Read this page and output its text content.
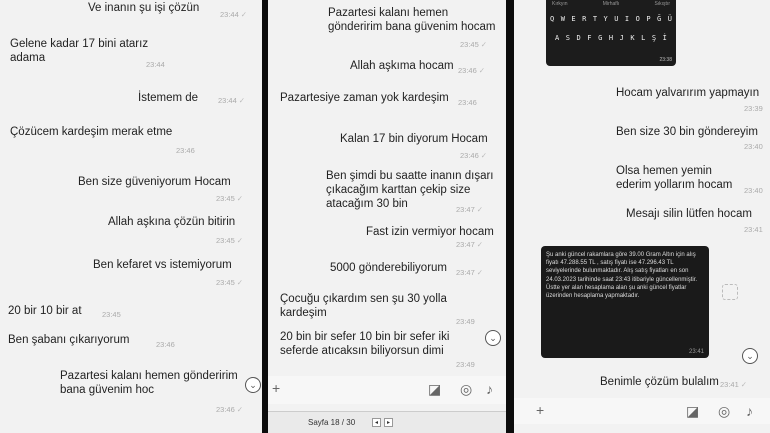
Ve inanın şu işi çözün
23:44 ✓
Gelene kadar 17 bini atarız adama
23:44
İstemem de	23:44 ✓
Çözücem kardeşim merak etme
23:46
Ben size güveniyorum Hocam
23:45 ✓
Allah aşkına çözün bitirin
23:45 ✓
Ben kefaret vs istemiyorum
23:45 ✓
20 bir 10 bir at	23:45
Ben şabanı çıkarıyorum	23:46
Pazartesi kalanı hemen gönderirim bana güvenim hoc
23:46 ✓
⌄
Pazartesi kalanı hemen gönderirim bana güvenim hocam
23:45 ✓
Allah aşkıma hocam 23:46 ✓
Pazartesiye zaman yok kardeşim 23:46
Kalan 17 bin diyorum Hocam
23:46 ✓
Ben şimdi bu saatte inanın dışarı çıkacağım karttan çekip size atacağım 30 bin	23:47 ✓
Fast izin vermiyor hocam
23:47 ✓
5000 gönderebiliyorum 23:47 ✓
Çocuğu çıkardım sen şu 30 yolla kardeşim
23:49
20 bin bir sefer 10 bin bir sefer iki seferde atıcaksın biliyorsun dimi
23:49
⌄
+	◪ ◎ ♪
Sayfa 18 / 30	◂	▸
Kırkyın	Mirhaflı	Sıkıştır
Q W E R T Y U I O P Ğ Ü
A S D F G H J K L Ş İ
23:38
Hocam yalvarırım yapmayın
23:39
Ben size 30 bin göndereyim
23:40
Olsa hemen yemin ederim yollarım hocam	23:40
Mesajı silin lütfen hocam
23:41

Şu anki güncel rakamlara göre 39.00 Gram Altın için alış fiyatı 47.288.55 TL , satış fiyatı ise 47.296.43 TL seviyelerinde bulunmaktadır. Alış satış fiyatları en son 24.03.2023 tarihinde saat 23:43 itibariyle güncellenmiştir. Üstte yer alan hesaplama alan şu anki güncel fiyatlar üzerinden hesaplama yapmaktadır.

23:41	⌄
Benimle çözüm bulalım 23:41 ✓
+	◪ ◎ ♪
